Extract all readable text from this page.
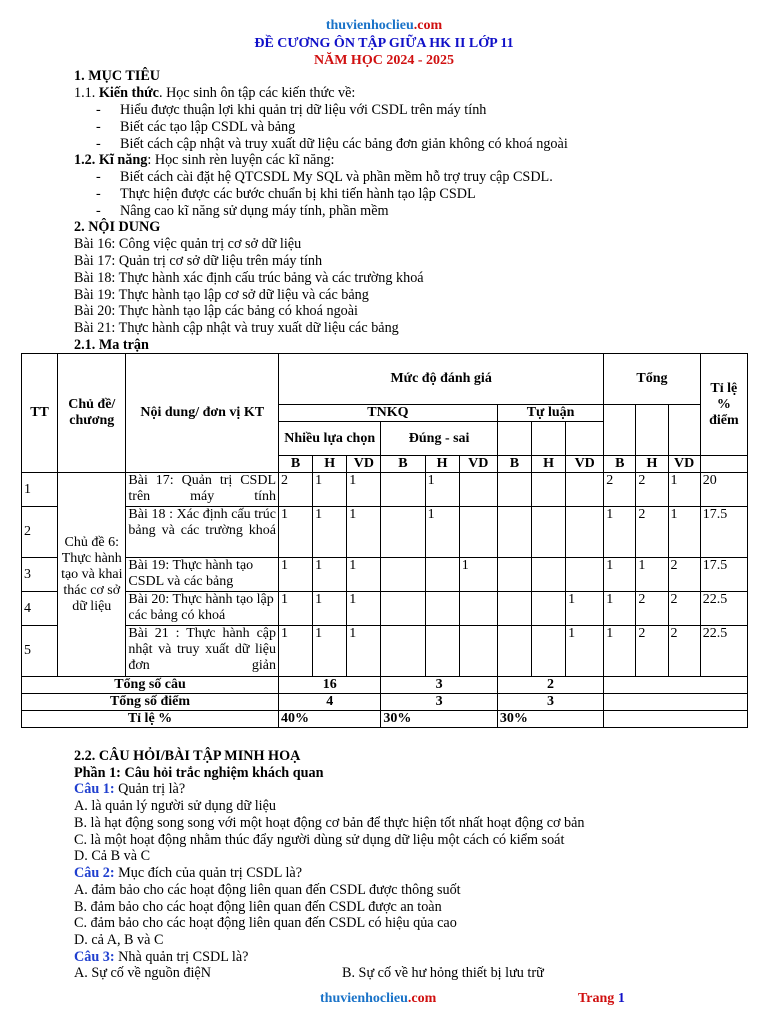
thuvienhoclieu.com
ĐỀ CƯƠNG ÔN TẬP GIỮA HK II LỚP 11
NĂM HỌC 2024 - 2025
1. MỤC TIÊU
1.1. Kiến thức. Học sinh ôn tập các kiến thức về:
- Hiểu được thuận lợi khi quản trị dữ liệu với CSDL trên máy tính
- Biết các tạo lập CSDL và bảng
- Biết cách cập nhật và truy xuất dữ liệu các bảng đơn giản không có khoá ngoài
1.2. Kĩ năng: Học sinh rèn luyện các kĩ năng:
- Biết cách cài đặt hệ QTCSDL My SQL và phần mềm hỗ trợ truy cập CSDL.
- Thực hiện được các bước chuẩn bị khi tiến hành tạo lập CSDL
- Nâng cao kĩ năng sử dụng máy tính, phần mềm
2. NỘI DUNG
Bài 16: Công việc quản trị cơ sở dữ liệu
Bài 17: Quản trị cơ sở dữ liệu trên máy tính
Bài 18: Thực hành xác định cấu trúc bảng và các trường khoá
Bài 19: Thực hành tạo lập cơ sở dữ liệu và các bảng
Bài 20: Thực hành tạo lập các bảng có khoá ngoài
Bài 21: Thực hành cập nhật và truy xuất dữ liệu các bảng
2.1. Ma trận
TT	Chủ đề/ chương	Nội dung/ đơn vị KT	Mức độ đánh giá									Tổng			Tỉ lệ % điểm
			TNKQ						Tự luận						
			Nhiều lựa chọn			Đúng - sai									
			B	H	VD	B	H	VD	B	H	VD	B	H	VD	
1	Chủ đề 6: Thực hành tạo và khai thác cơ sở dữ liệu	Bài 17: Quản trị CSDL trên máy tính	2	1	1		1					2	2	1	20
2		Bài 18 : Xác định cấu trúc bảng và các trường khoá	1	1	1		1					1	2	1	17.5
3		Bài 19: Thực hành tạo CSDL và các bảng	1	1	1			1				1	1	2	17.5
4		Bài 20: Thực hành tạo lập các bảng có khoá	1	1	1						1	1	2	2	22.5
5		Bài 21 : Thực hành cập nhật và truy xuất dữ liệu đơn giản	1	1	1						1	1	2	2	22.5
Tổng số câu			16			3			2						
Tổng số điểm			4			3			3						
Tỉ lệ %			40%			30%			30%						
2.2. CÂU HỎI/BÀI TẬP MINH HOẠ
Phần 1: Câu hỏi trắc nghiệm khách quan
Câu 1: Quản trị là?
A. là quản lý người sử dụng dữ liệu
B. là hạt động song song với một hoạt động cơ bản để thực hiện tốt nhất hoạt động cơ bản
C. là một hoạt động nhằm thúc đẩy người dùng sử dụng dữ liệu một cách có kiểm soát
D. Cả B và C
Câu 2: Mục đích của quản trị CSDL là?
A. đảm bảo cho các hoạt động liên quan đến CSDL được thông suốt
B. đảm bảo cho các hoạt động liên quan đến CSDL được an toàn
C. đảm bảo cho các hoạt động liên quan đến CSDL có hiệu qủa cao
D. cả A, B và C
Câu 3: Nhà quản trị CSDL là?
A. Sự cố về nguồn điệN	B. Sự cố về hư hỏng thiết bị lưu trữ
thuvienhoclieu.com	Trang 1
